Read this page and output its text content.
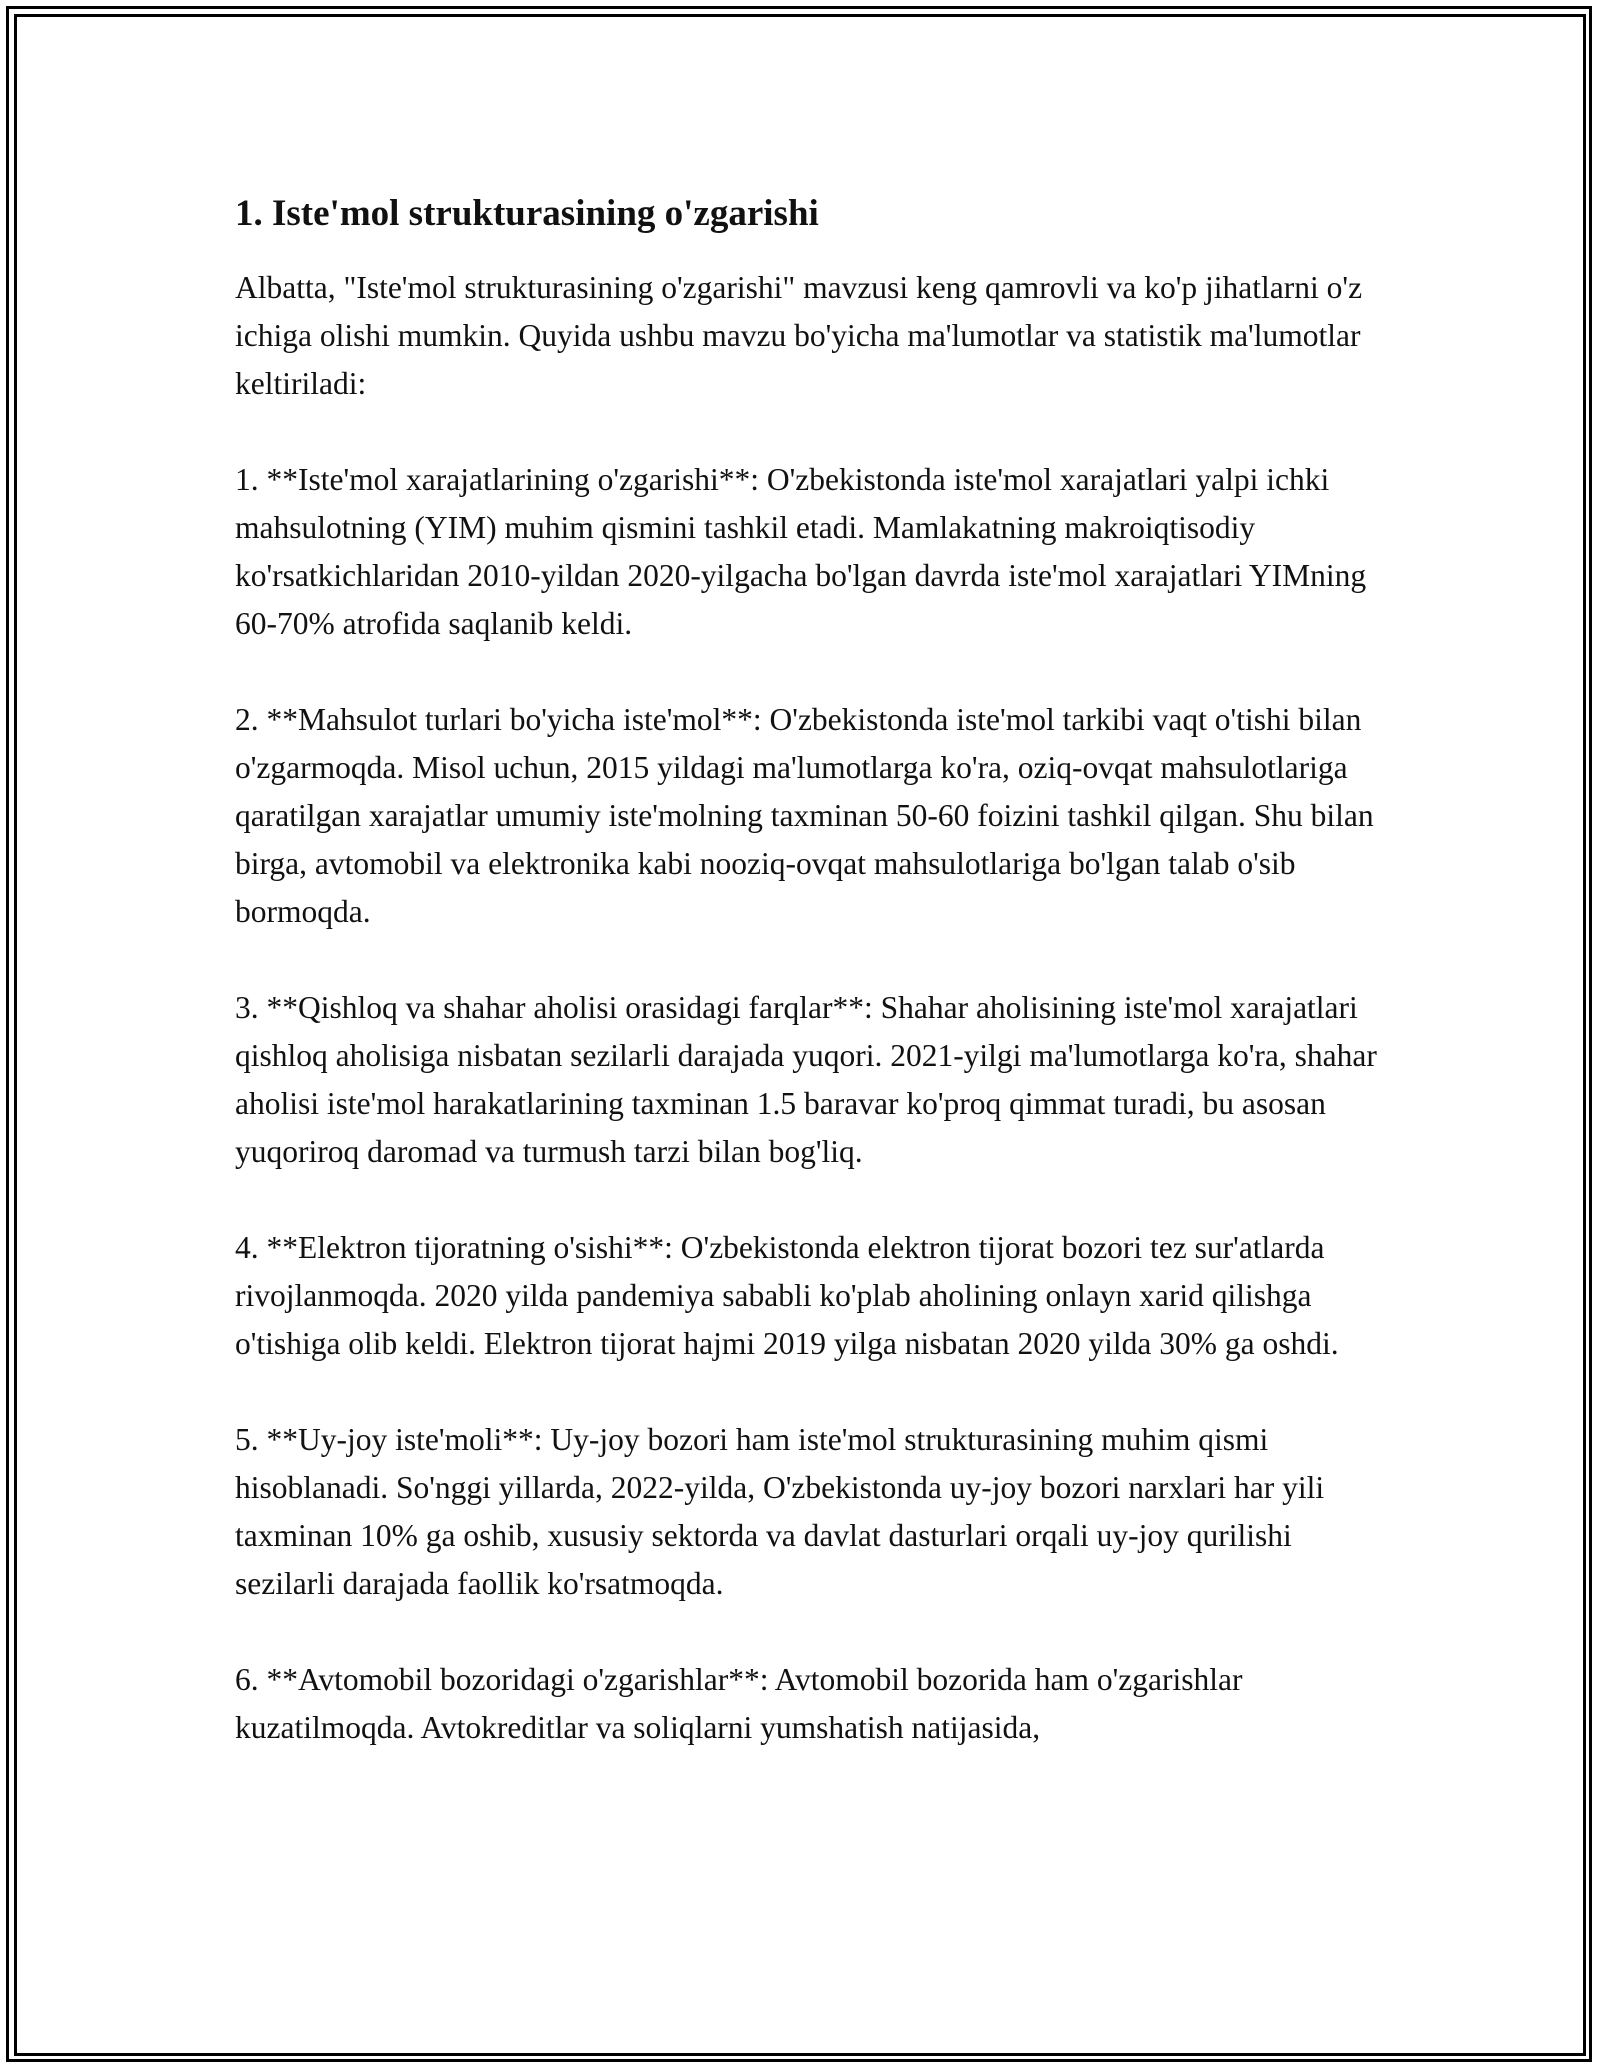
1. Iste'mol strukturasining o'zgarishi

Albatta, "Iste'mol strukturasining o'zgarishi" mavzusi keng qamrovli va ko'p jihatlarni o'z ichiga olishi mumkin. Quyida ushbu mavzu bo'yicha ma'lumotlar va statistik ma'lumotlar keltiriladi:

1. **Iste'mol xarajatlarining o'zgarishi**: O'zbekistonda iste'mol xarajatlari yalpi ichki mahsulotning (YIM) muhim qismini tashkil etadi. Mamlakatning makroiqtisodiy ko'rsatkichlaridan 2010-yildan 2020-yilgacha bo'lgan davrda iste'mol xarajatlari YIMning 60-70% atrofida saqlanib keldi.

2. **Mahsulot turlari bo'yicha iste'mol**: O'zbekistonda iste'mol tarkibi vaqt o'tishi bilan o'zgarmoqda. Misol uchun, 2015 yildagi ma'lumotlarga ko'ra, oziq-ovqat mahsulotlariga qaratilgan xarajatlar umumiy iste'molning taxminan 50-60 foizini tashkil qilgan. Shu bilan birga, avtomobil va elektronika kabi nooziq-ovqat mahsulotlariga bo'lgan talab o'sib bormoqda.

3. **Qishloq va shahar aholisi orasidagi farqlar**: Shahar aholisining iste'mol xarajatlari qishloq aholisiga nisbatan sezilarli darajada yuqori. 2021-yilgi ma'lumotlarga ko'ra, shahar aholisi iste'mol harakatlarining taxminan 1.5 baravar ko'proq qimmat turadi, bu asosan yuqoriroq daromad va turmush tarzi bilan bog'liq.

4. **Elektron tijoratning o'sishi**: O'zbekistonda elektron tijorat bozori tez sur'atlarda rivojlanmoqda. 2020 yilda pandemiya sababli ko'plab aholining onlayn xarid qilishga o'tishiga olib keldi. Elektron tijorat hajmi 2019 yilga nisbatan 2020 yilda 30% ga oshdi.

5. **Uy-joy iste'moli**: Uy-joy bozori ham iste'mol strukturasining muhim qismi hisoblanadi. So'nggi yillarda, 2022-yilda, O'zbekistonda uy-joy bozori narxlari har yili taxminan 10% ga oshib, xususiy sektorda va davlat dasturlari orqali uy-joy qurilishi sezilarli darajada faollik ko'rsatmoqda.

6. **Avtomobil bozoridagi o'zgarishlar**: Avtomobil bozorida ham o'zgarishlar kuzatilmoqda. Avtokreditlar va soliqlarni yumshatish natijasida,
